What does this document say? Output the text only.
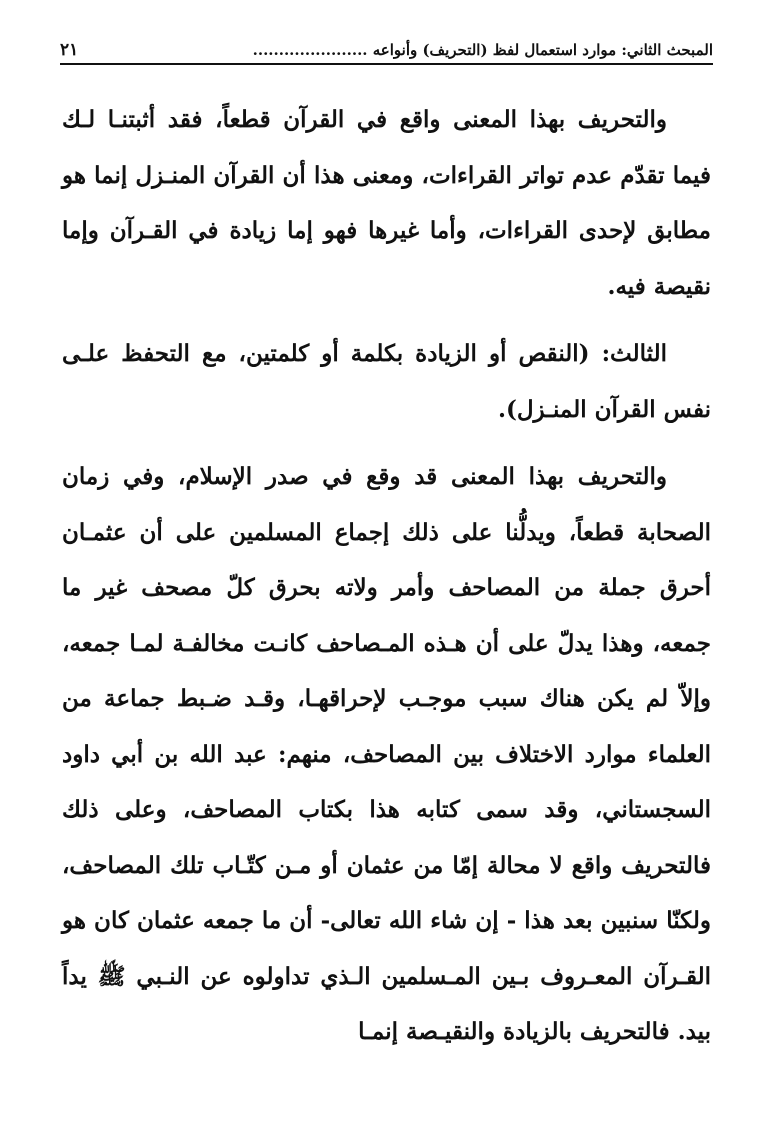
المبحث الثاني: موارد استعمال لفظ (التحريف) وأنواعه ......................
٢١

والتحريف بهذا المعنى واقع في القرآن قطعاً، فقد أثبتنـا لـك فيما تقدّم عدم تواتر القراءات، ومعنى هذا أن القرآن المنـزل إنما هو مطابق لإحدى القراءات، وأما غيرها فهو إما زيادة في القـرآن وإما نقيصة فيه.

الثالث: (النقص أو الزيادة بكلمة أو كلمتين، مع التحفظ علـى نفس القرآن المنـزل).

والتحريف بهذا المعنى قد وقع في صدر الإسلام، وفي زمان الصحابة قطعاً، ويدلُّنا على ذلك إجماع المسلمين على أن عثمـان أحرق جملة من المصاحف وأمر ولاته بحرق كلّ مصحف غير ما جمعه، وهذا يدلّ على أن هـذه المـصاحف كانـت مخالفـة لمـا جمعه، وإلاّ لم يكن هناك سبب موجـب لإحراقهـا، وقـد ضـبط جماعة من العلماء موارد الاختلاف بين المصاحف، منهم: عبد الله بن أبي داود السجستاني، وقد سمى كتابه هذا بكتاب المصاحف، وعلى ذلك فالتحريف واقع لا محالة إمّا من عثمان أو مـن كتّـاب تلك المصاحف، ولكنّا سنبين بعد هذا - إن شاء الله تعالى- أن ما جمعه عثمان كان هو القـرآن المعـروف بـين المـسلمين الـذي تداولوه عن النـبي ﷺ يداً بيد. فالتحريف بالزيادة والنقيـصة إنمـا
